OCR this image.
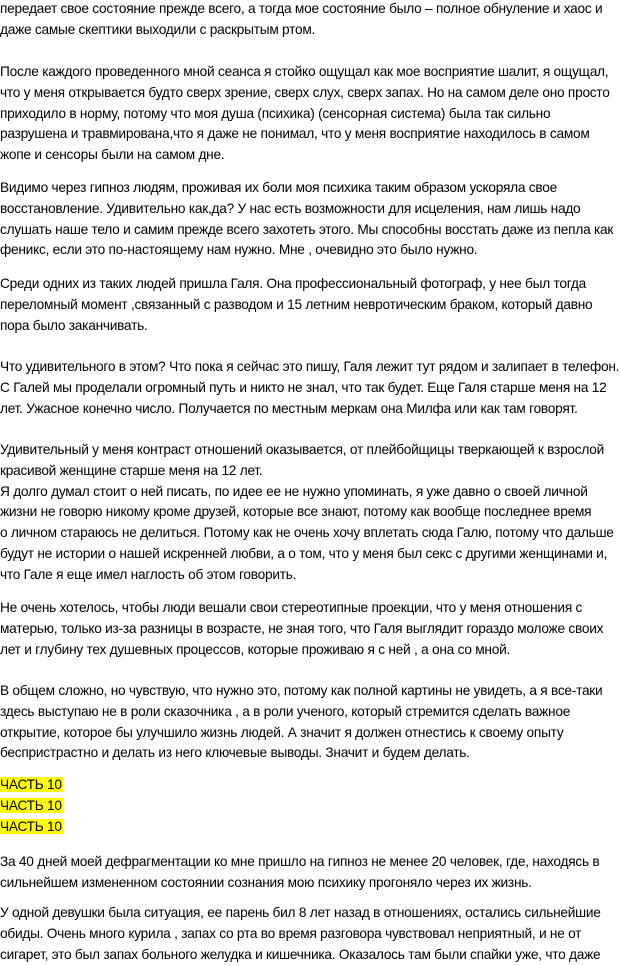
передает свое состояние прежде всего, а тогда мое состояние было – полное обнуление и хаос и
даже самые скептики выходили с раскрытым ртом.
После каждого проведенного мной сеанса я стойко ощущал как мое восприятие шалит, я ощущал,
что у меня открывается будто сверх зрение, сверх слух, сверх запах. Но на самом деле оно просто
приходило в норму, потому что моя душа (психика) (сенсорная система) была так сильно
разрушена и травмирована,что я даже не понимал, что у меня восприятие находилось в самом
жопе и сенсоры были на самом дне.
Видимо через гипноз людям, проживая их боли моя психика таким образом ускоряла свое
восстановление. Удивительно как,да? У нас есть возможности для исцеления, нам лишь надо
слушать наше тело и самим прежде всего захотеть этого. Мы способны восстать даже из пепла как
феникс, если это по-настоящему нам нужно. Мне , очевидно это было нужно.
Среди одних из таких людей пришла Галя. Она профессиональный фотограф, у нее был тогда
переломный момент ,связанный с разводом и 15 летним невротическим браком, который давно
пора было заканчивать.
Что удивительного в этом? Что пока я сейчас это пишу, Галя лежит тут рядом и залипает в телефон.
С Галей мы проделали огромный путь и никто не знал, что так будет. Еще Галя старше меня на 12
лет. Ужасное конечно число. Получается по местным меркам она Милфа или как там говорят.
Удивительный у меня контраст отношений оказывается, от плейбойщицы тверкающей к взрослой
красивой женщине старше меня на 12 лет.
Я долго думал стоит о ней писать, по идее ее не нужно упоминать, я уже давно о своей личной
жизни не говорю никому кроме друзей, которые все знают, потому как вообще последнее время
о личном стараюсь не делиться. Потому как не очень хочу вплетать сюда Галю, потому что дальше
будут не истории о нашей искренней любви, а о том, что у меня был секс с другими женщинами и,
что Гале я еще имел наглость об этом говорить.
Не очень хотелось, чтобы люди вешали свои стереотипные проекции, что у меня отношения с
матерью, только из-за разницы в возрасте, не зная того, что Галя выглядит гораздо моложе своих
лет и глубину тех душевных процессов, которые проживаю я с ней , а она со мной.
В общем сложно, но чувствую, что нужно это, потому как полной картины не увидеть, а я все-таки
здесь выступаю не в роли сказочника , а в роли ученого, который стремится сделать важное
открытие, которое бы улучшило жизнь людей. А значит я должен отнестись к своему опыту
беспристрастно и делать из него ключевые выводы. Значит и будем делать.
ЧАСТЬ 10
ЧАСТЬ 10
ЧАСТЬ 10
За 40 дней моей дефрагментации ко мне пришло на гипноз не менее 20 человек, где, находясь в
сильнейшем измененном состоянии сознания мою психику прогоняло через их жизнь.
У одной девушки была ситуация, ее парень бил 8 лет назад в отношениях, остались сильнейшие
обиды. Очень много курила , запах со рта во время разговора чувствовал неприятный, и не от
сигарет, это был запах больного желудка и кишечника. Оказалось там были спайки уже, что даже
